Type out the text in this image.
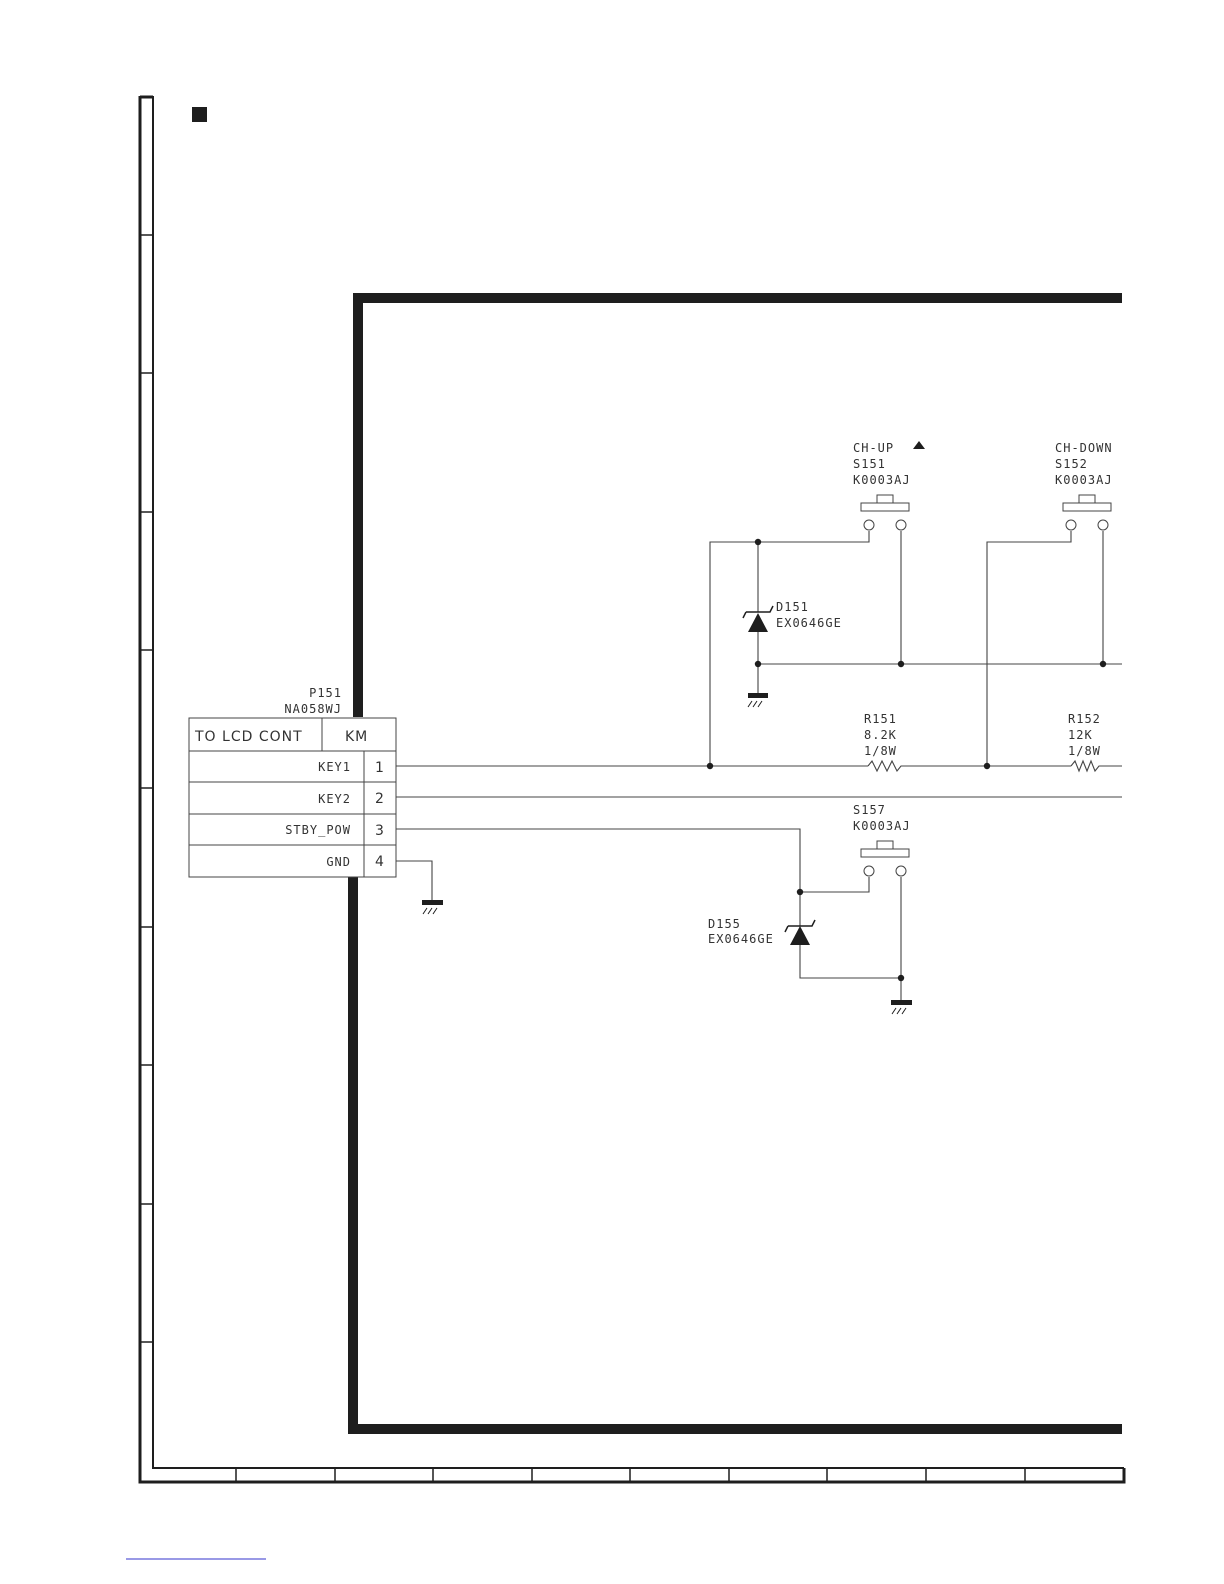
P151
NA058WJ
TO LCD CONT	KM
KEY1
KEY2
STBY_POW
GND
1
2
3
4
CH-UP
S151
K0003AJ
CH-DOWN
S152
K0003AJ
S157
K0003AJ
D151
EX0646GE
D155
EX0646GE
R151
8.2K
1/8W
R152
12K
1/8W
